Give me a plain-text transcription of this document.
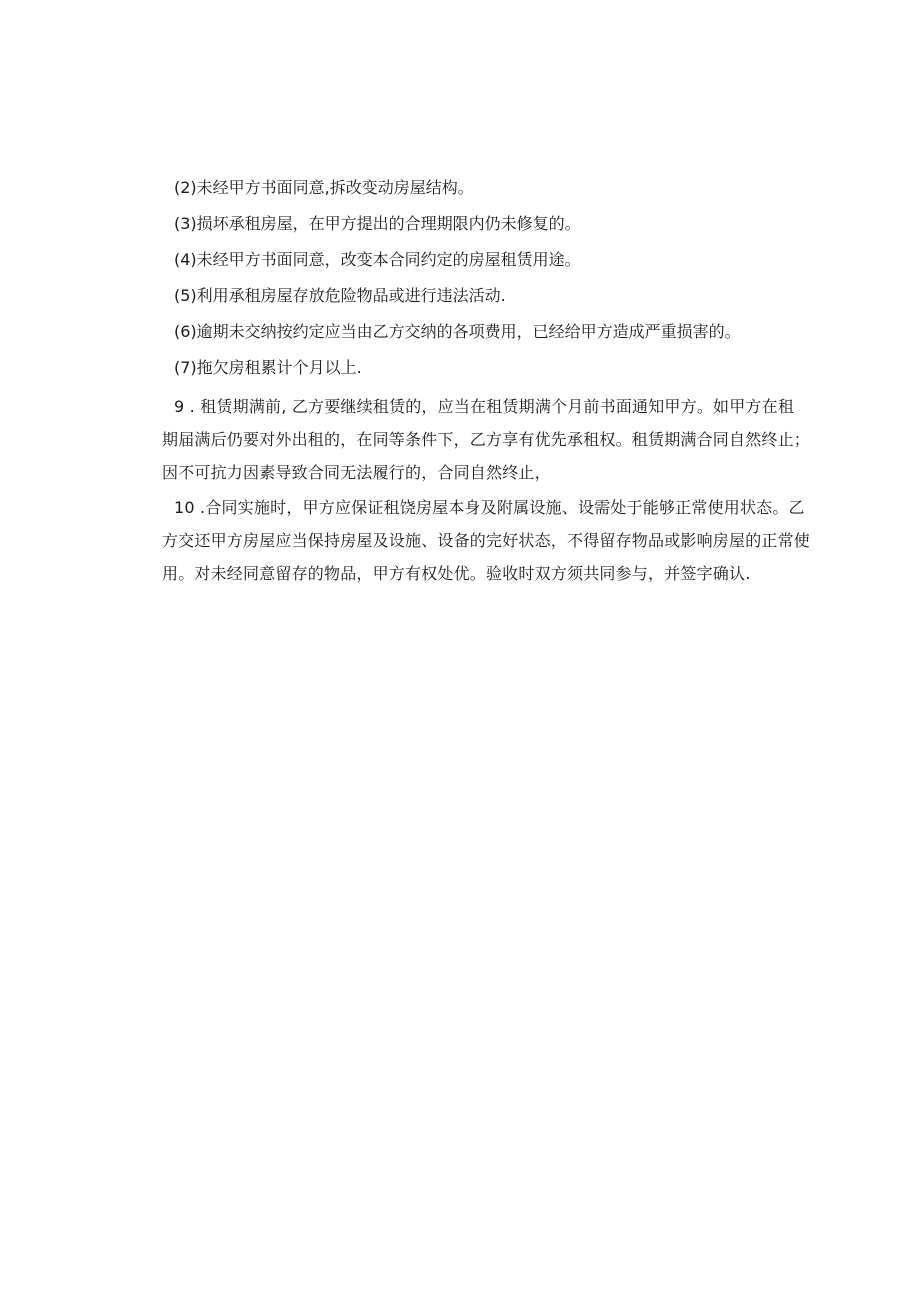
(2)未经甲方书面同意,拆改变动房屋结构。

(3)损坏承租房屋，在甲方提出的合理期限内仍未修复的。

(4)未经甲方书面同意，改变本合同约定的房屋租赁用途。

(5)利用承租房屋存放危险物品或进行违法活动.

(6)逾期未交纳按约定应当由乙方交纳的各项费用，已经给甲方造成严重损害的。

(7)拖欠房租累计个月以上.

9 . 租赁期满前, 乙方要继续租赁的，应当在租赁期满个月前书面通知甲方。如甲方在租期届满后仍要对外出租的，在同等条件下，乙方享有优先承租权。租赁期满合同自然终止；因不可抗力因素导致合同无法履行的，合同自然终止，

10 .合同实施时，甲方应保证租饶房屋本身及附属设施、设需处于能够正常使用状态。乙方交还甲方房屋应当保持房屋及设施、设备的完好状态，不得留存物品或影响房屋的正常使用。对未经同意留存的物品，甲方有权处优。验收时双方须共同参与，并签字确认.
